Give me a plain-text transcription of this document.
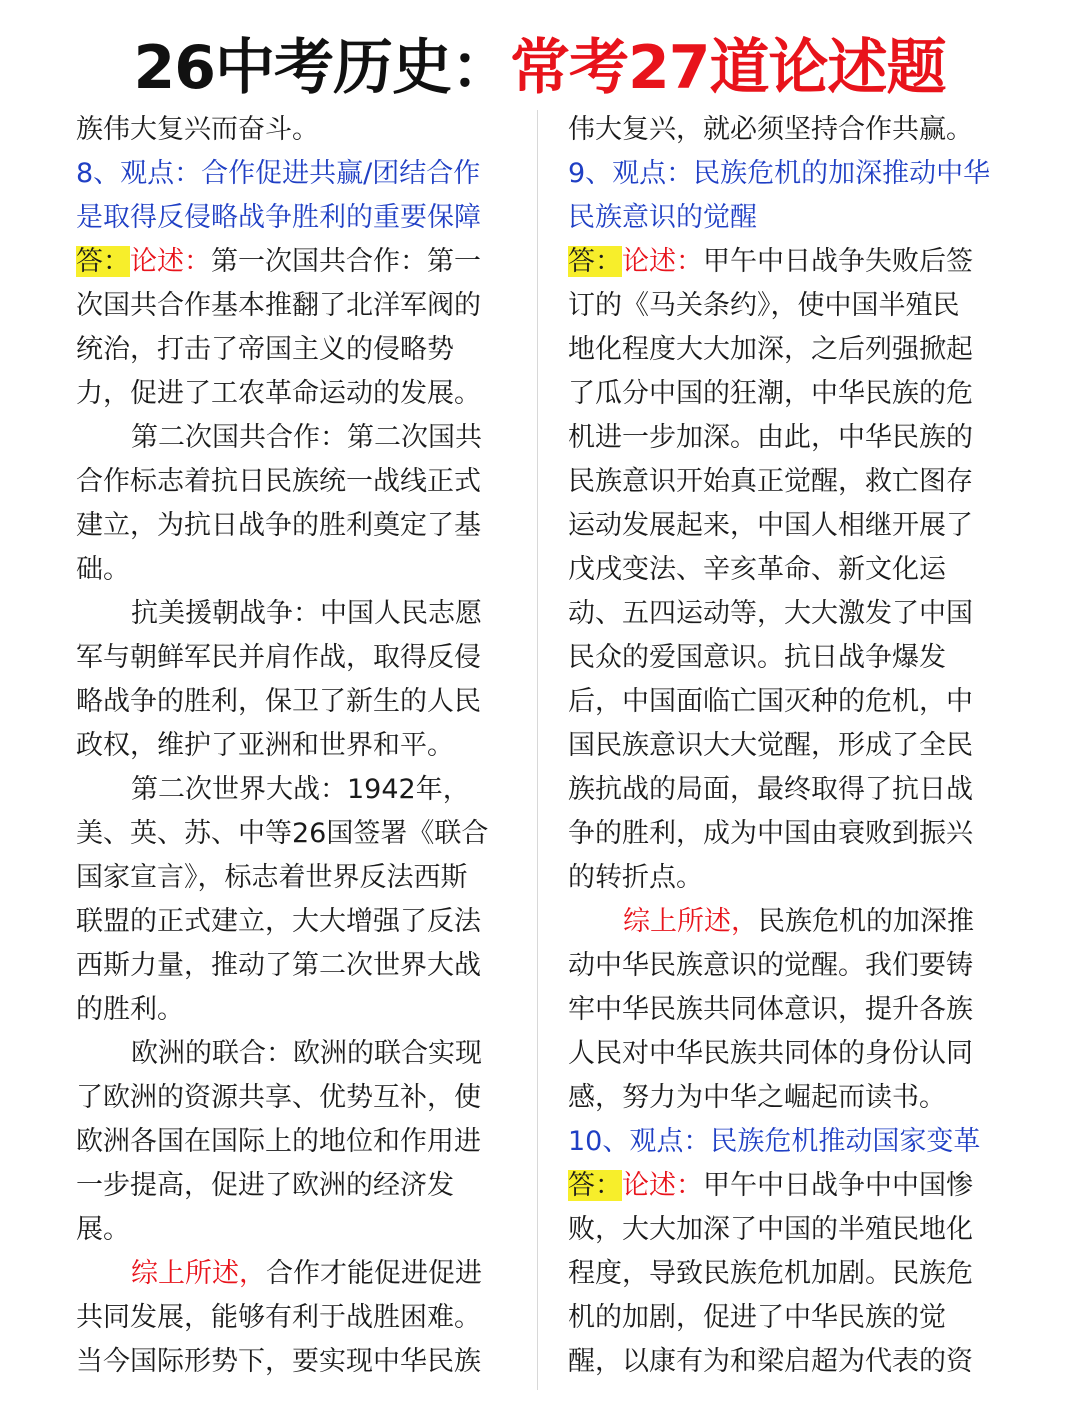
26中考历史：常考27道论述题
族伟大复兴而奋斗。
8、观点：合作促进共赢/团结合作
是取得反侵略战争胜利的重要保障
答：论述：第一次国共合作：第一
次国共合作基本推翻了北洋军阀的
统治，打击了帝国主义的侵略势
力，促进了工农革命运动的发展。
第二次国共合作：第二次国共
合作标志着抗日民族统一战线正式
建立，为抗日战争的胜利奠定了基
础。
抗美援朝战争：中国人民志愿
军与朝鲜军民并肩作战，取得反侵
略战争的胜利，保卫了新生的人民
政权，维护了亚洲和世界和平。
第二次世界大战：1942年，
美、英、苏、中等26国签署《联合
国家宣言》，标志着世界反法西斯
联盟的正式建立，大大增强了反法
西斯力量，推动了第二次世界大战
的胜利。
欧洲的联合：欧洲的联合实现
了欧洲的资源共享、优势互补，使
欧洲各国在国际上的地位和作用进
一步提高，促进了欧洲的经济发
展。
综上所述，合作才能促进促进
共同发展，能够有利于战胜困难。
当今国际形势下，要实现中华民族
伟大复兴，就必须坚持合作共赢。
9、观点：民族危机的加深推动中华
民族意识的觉醒
答：论述：甲午中日战争失败后签
订的《马关条约》，使中国半殖民
地化程度大大加深，之后列强掀起
了瓜分中国的狂潮，中华民族的危
机进一步加深。由此，中华民族的
民族意识开始真正觉醒，救亡图存
运动发展起来，中国人相继开展了
戊戌变法、辛亥革命、新文化运
动、五四运动等，大大激发了中国
民众的爱国意识。抗日战争爆发
后，中国面临亡国灭种的危机，中
国民族意识大大觉醒，形成了全民
族抗战的局面，最终取得了抗日战
争的胜利，成为中国由衰败到振兴
的转折点。
综上所述，民族危机的加深推
动中华民族意识的觉醒。我们要铸
牢中华民族共同体意识，提升各族
人民对中华民族共同体的身份认同
感，努力为中华之崛起而读书。
10、观点：民族危机推动国家变革
答：论述：甲午中日战争中中国惨
败，大大加深了中国的半殖民地化
程度，导致民族危机加剧。民族危
机的加剧，促进了中华民族的觉
醒，以康有为和梁启超为代表的资
